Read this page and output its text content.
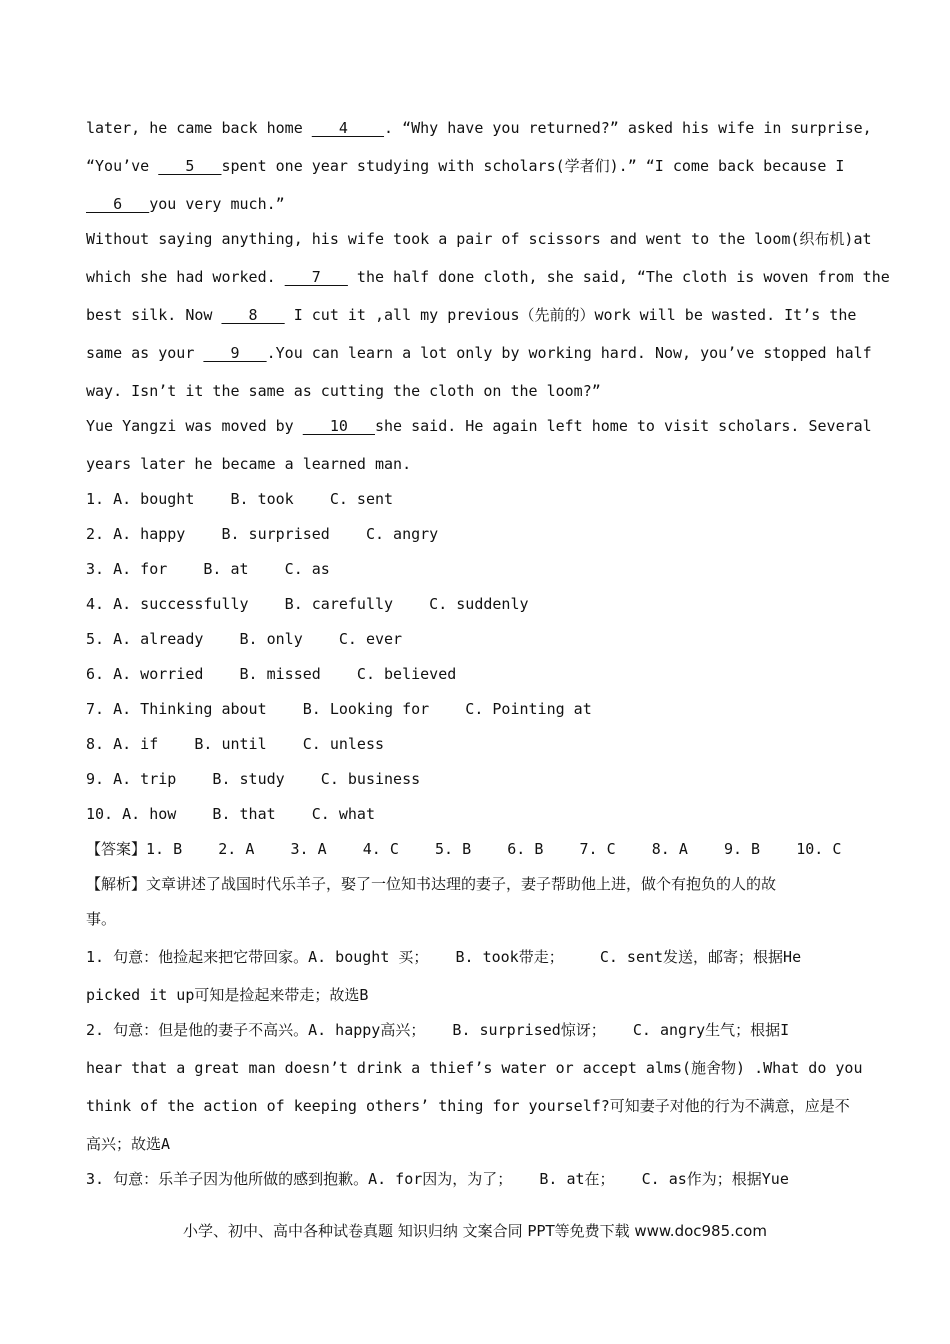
later, he came back home    4    . “Why have you returned?” asked his wife in surprise,
“You’ve    5   spent one year studying with scholars(学者们).” “I come back because I
6   you very much.”
Without saying anything, his wife took a pair of scissors and went to the loom(织布机)at
which she had worked.    7    the half done cloth, she said, “The cloth is woven from the
best silk. Now    8    I cut it ,all my previous（先前的）work will be wasted. It’s the
same as your    9   .You can learn a lot only by working hard. Now, you’ve stopped half
way. Isn’t it the same as cutting the cloth on the loom?”
Yue Yangzi was moved by    10   she said. He again left home to visit scholars. Several
years later he became a learned man.
1. A. bought    B. took    C. sent
2. A. happy    B. surprised    C. angry
3. A. for    B. at    C. as
4. A. successfully    B. carefully    C. suddenly
5. A. already    B. only    C. ever
6. A. worried    B. missed    C. believed
7. A. Thinking about    B. Looking for    C. Pointing at
8. A. if    B. until    C. unless
9. A. trip    B. study    C. business
10. A. how    B. that    C. what
【答案】1. B    2. A    3. A    4. C    5. B    6. B    7. C    8. A    9. B    10. C
【解析】文章讲述了战国时代乐羊子，娶了一位知书达理的妻子，妻子帮助他上进，做个有抱负的人的故
事。
1. 句意：他捡起来把它带回家。A. bought 买；   B. took带走；    C. sent发送，邮寄；根据He
picked it up可知是捡起来带走；故选B
2. 句意：但是他的妻子不高兴。A. happy高兴；   B. surprised惊讶；   C. angry生气；根据I
hear that a great man doesn’t drink a thief’s water or accept alms(施舍物) .What do you
think of the action of keeping others’ thing for yourself?可知妻子对他的行为不满意，应是不
高兴；故选A
3. 句意：乐羊子因为他所做的感到抱歉。A. for因为，为了；   B. at在；   C. as作为；根据Yue
小学、初中、高中各种试卷真题 知识归纳 文案合同 PPT等免费下载 www.doc985.com
